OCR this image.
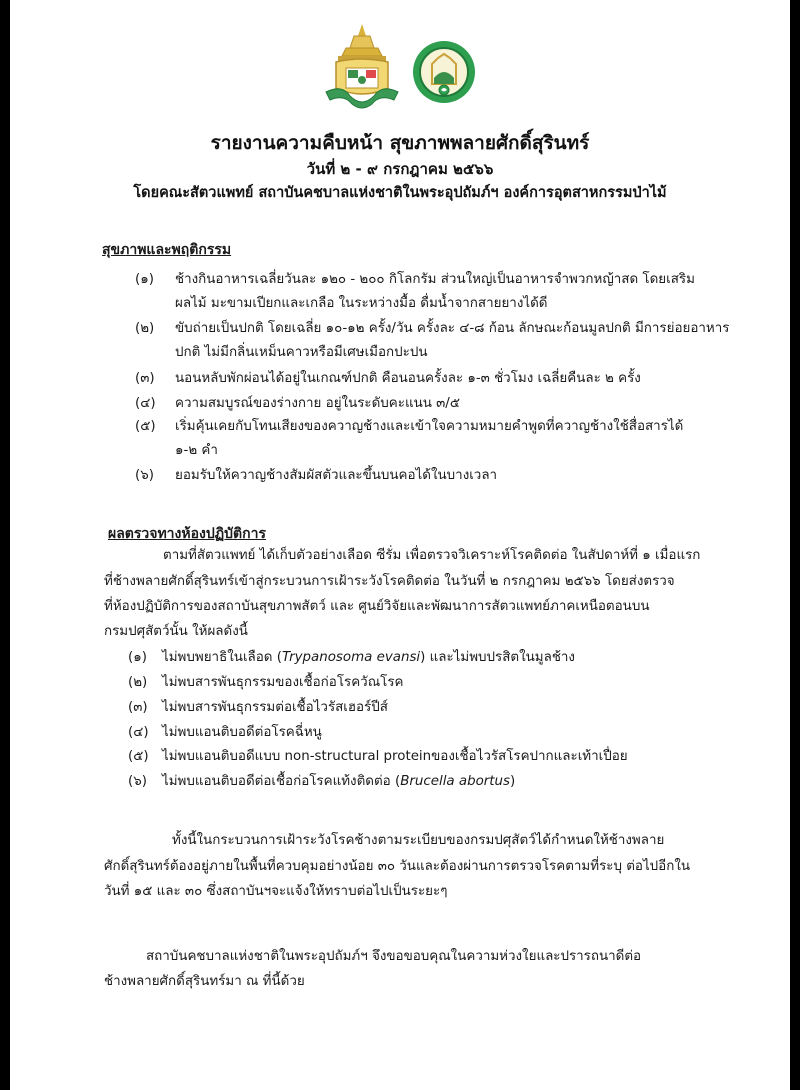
รายงานความคืบหน้า สุขภาพพลายศักดิ์สุรินทร์
วันที่ ๒ - ๙ กรกฎาคม ๒๕๖๖
โดยคณะสัตวแพทย์ สถาบันคชบาลแห่งชาติในพระอุปถัมภ์ฯ องค์การอุตสาหกรรมป่าไม้
สุขภาพและพฤติกรรม
(๑)	ช้างกินอาหารเฉลี่ยวันละ ๑๒๐ - ๒๐๐ กิโลกรัม ส่วนใหญ่เป็นอาหารจำพวกหญ้าสด โดยเสริม
ผลไม้ มะขามเปียกและเกลือ ในระหว่างมื้อ ดื่มน้ำจากสายยางได้ดี
(๒)	ขับถ่ายเป็นปกติ โดยเฉลี่ย ๑๐-๑๒ ครั้ง/วัน ครั้งละ ๔-๘ ก้อน ลักษณะก้อนมูลปกติ มีการย่อยอาหาร
ปกติ ไม่มีกลิ่นเหม็นคาวหรือมีเศษเมือกปะปน
(๓)	นอนหลับพักผ่อนได้อยู่ในเกณฑ์ปกติ คือนอนครั้งละ ๑-๓ ชั่วโมง เฉลี่ยคืนละ ๒ ครั้ง
(๔)	ความสมบูรณ์ของร่างกาย อยู่ในระดับคะแนน ๓/๕
(๕)	เริ่มคุ้นเคยกับโทนเสียงของควาญช้างและเข้าใจความหมายคำพูดที่ควาญช้างใช้สื่อสารได้
๑-๒ คำ
(๖)	ยอมรับให้ควาญช้างสัมผัสตัวและขึ้นบนคอได้ในบางเวลา
ผลตรวจทางห้องปฏิบัติการ
ตามที่สัตวแพทย์ ได้เก็บตัวอย่างเลือด ซีรั่ม เพื่อตรวจวิเคราะห์โรคติดต่อ ในสัปดาห์ที่ ๑ เมื่อแรก
ที่ช้างพลายศักดิ์สุรินทร์เข้าสู่กระบวนการเฝ้าระวังโรคติดต่อ ในวันที่ ๒ กรกฎาคม ๒๕๖๖ โดยส่งตรวจ
ที่ห้องปฏิบัติการของสถาบันสุขภาพสัตว์ และ ศูนย์วิจัยและพัฒนาการสัตวแพทย์ภาคเหนือตอนบน
กรมปศุสัตว์นั้น ให้ผลดังนี้
(๑)	ไม่พบพยาธิในเลือด (Trypanosoma evansi) และไม่พบปรสิตในมูลช้าง
(๒)	ไม่พบสารพันธุกรรมของเชื้อก่อโรควัณโรค
(๓)	ไม่พบสารพันธุกรรมต่อเชื้อไวรัสเฮอร์ปีส์
(๔)	ไม่พบแอนติบอดีต่อโรคฉี่หนู
(๕)	ไม่พบแอนติบอดีแบบ non-structural proteinของเชื้อไวรัสโรคปากและเท้าเปื่อย
(๖)	ไม่พบแอนติบอดีต่อเชื้อก่อโรคแท้งติดต่อ (Brucella abortus)
ทั้งนี้ในกระบวนการเฝ้าระวังโรคช้างตามระเบียบของกรมปศุสัตว์ได้กำหนดให้ช้างพลาย
ศักดิ์สุรินทร์ต้องอยู่ภายในพื้นที่ควบคุมอย่างน้อย ๓๐ วันและต้องผ่านการตรวจโรคตามที่ระบุ ต่อไปอีกใน
วันที่ ๑๕ และ ๓๐ ซึ่งสถาบันฯจะแจ้งให้ทราบต่อไปเป็นระยะๆ
สถาบันคชบาลแห่งชาติในพระอุปถัมภ์ฯ จึงขอขอบคุณในความห่วงใยและปรารถนาดีต่อ
ช้างพลายศักดิ์สุรินทร์มา ณ ที่นี้ด้วย
